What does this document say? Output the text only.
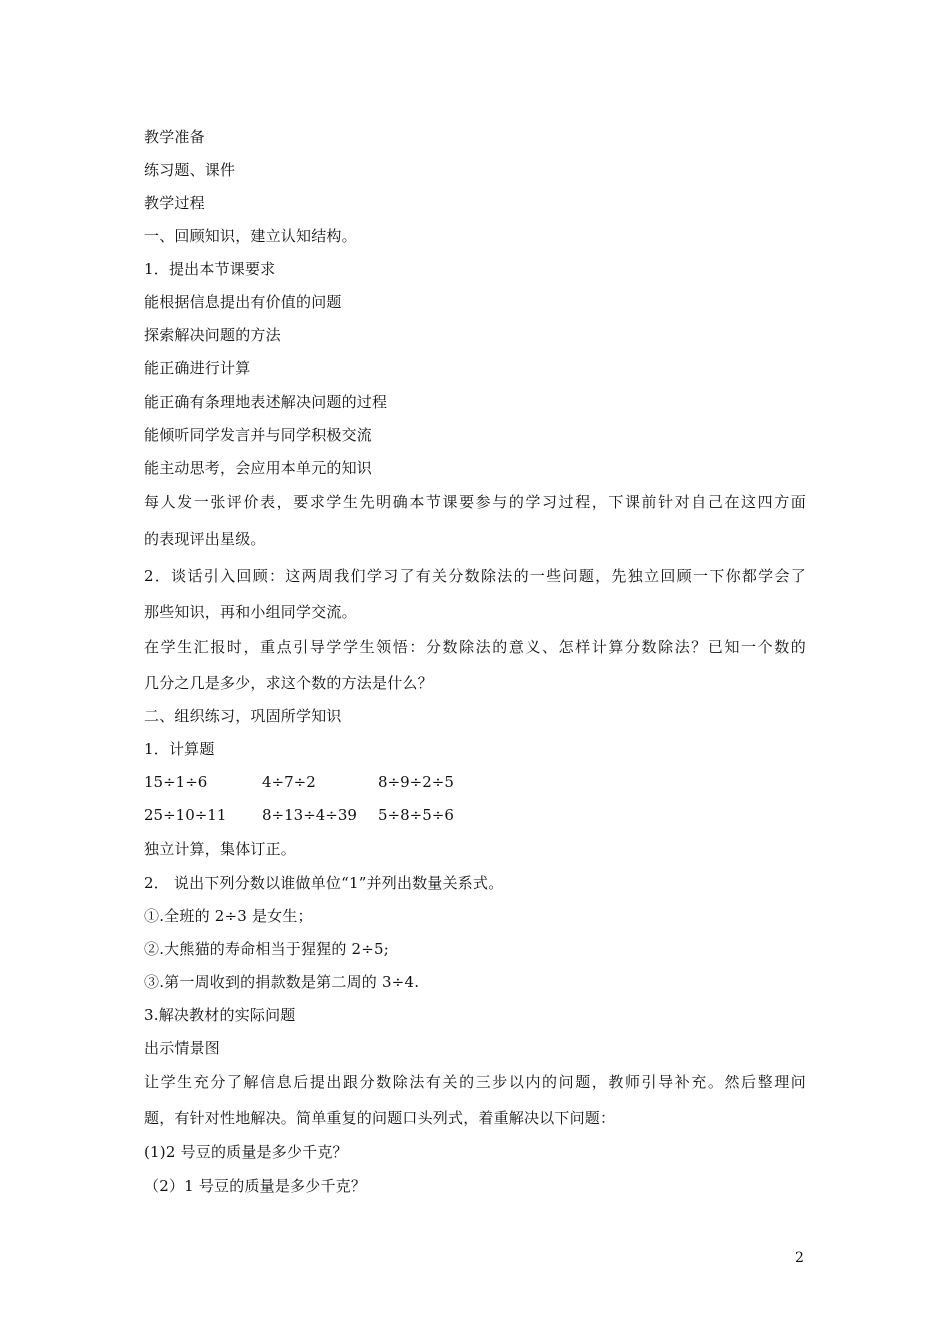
教学准备
练习题、课件
教学过程
一、回顾知识，建立认知结构。
1．提出本节课要求
能根据信息提出有价值的问题
探索解决问题的方法
能正确进行计算
能正确有条理地表述解决问题的过程
能倾听同学发言并与同学积极交流
能主动思考，会应用本单元的知识
每人发一张评价表，要求学生先明确本节课要参与的学习过程，下课前针对自己在这四方面
的表现评出星级。
2．谈话引入回顾：这两周我们学习了有关分数除法的一些问题，先独立回顾一下你都学会了
那些知识，再和小组同学交流。
在学生汇报时，重点引导学学生领悟：分数除法的意义、怎样计算分数除法？已知一个数的
几分之几是多少，求这个数的方法是什么？
二、组织练习，巩固所学知识
1．计算题
15÷1÷6	4÷7÷2	8÷9÷2÷5
25÷10÷11 8÷13÷4÷39 5÷8÷5÷6
独立计算，集体订正。
2． 说出下列分数以谁做单位“1”并列出数量关系式。
①.全班的 2÷3 是女生；
②.大熊猫的寿命相当于猩猩的 2÷5;
③.第一周收到的捐款数是第二周的 3÷4.
3.解决教材的实际问题
出示情景图
让学生充分了解信息后提出跟分数除法有关的三步以内的问题，教师引导补充。然后整理问
题，有针对性地解决。简单重复的问题口头列式，着重解决以下问题：
(1)2 号豆的质量是多少千克？
（2）1 号豆的质量是多少千克？
2
